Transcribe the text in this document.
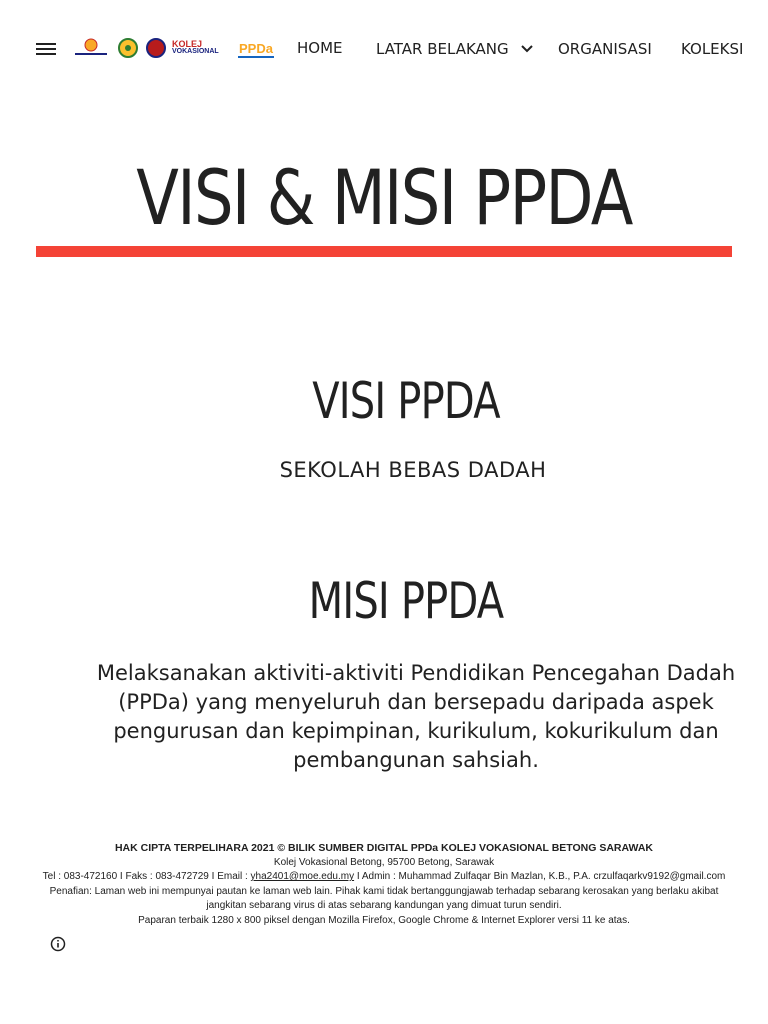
KOLEJ
VOKASIONAL PPDa HOME LATAR BELAKANG	ORGANISASI KOLEKSI
VISI & MISI PPDA
VISI PPDA

SEKOLAH BEBAS DADAH

MISI PPDA

Melaksanakan aktiviti-aktiviti Pendidikan Pencegahan Dadah (PPDa) yang menyeluruh dan bersepadu daripada aspek pengurusan dan kepimpinan, kurikulum, kokurikulum dan pembangunan sahsiah.

HAK CIPTA TERPELIHARA 2021 © BILIK SUMBER DIGITAL PPDa KOLEJ VOKASIONAL BETONG SARAWAK
Kolej Vokasional Betong, 95700 Betong, Sarawak
Tel : 083-472160 I Faks : 083-472729 I Email : yha2401@moe.edu.my I Admin : Muhammad Zulfaqar Bin Mazlan, K.B., P.A. crzulfaqarkv9192@gmail.com
Penafian: Laman web ini mempunyai pautan ke laman web lain. Pihak kami tidak bertanggungjawab terhadap sebarang kerosakan yang berlaku akibat jangkitan sebarang virus di atas sebarang kandungan yang dimuat turun sendiri.
Paparan terbaik 1280 x 800 piksel dengan Mozilla Firefox, Google Chrome & Internet Explorer versi 11 ke atas.
